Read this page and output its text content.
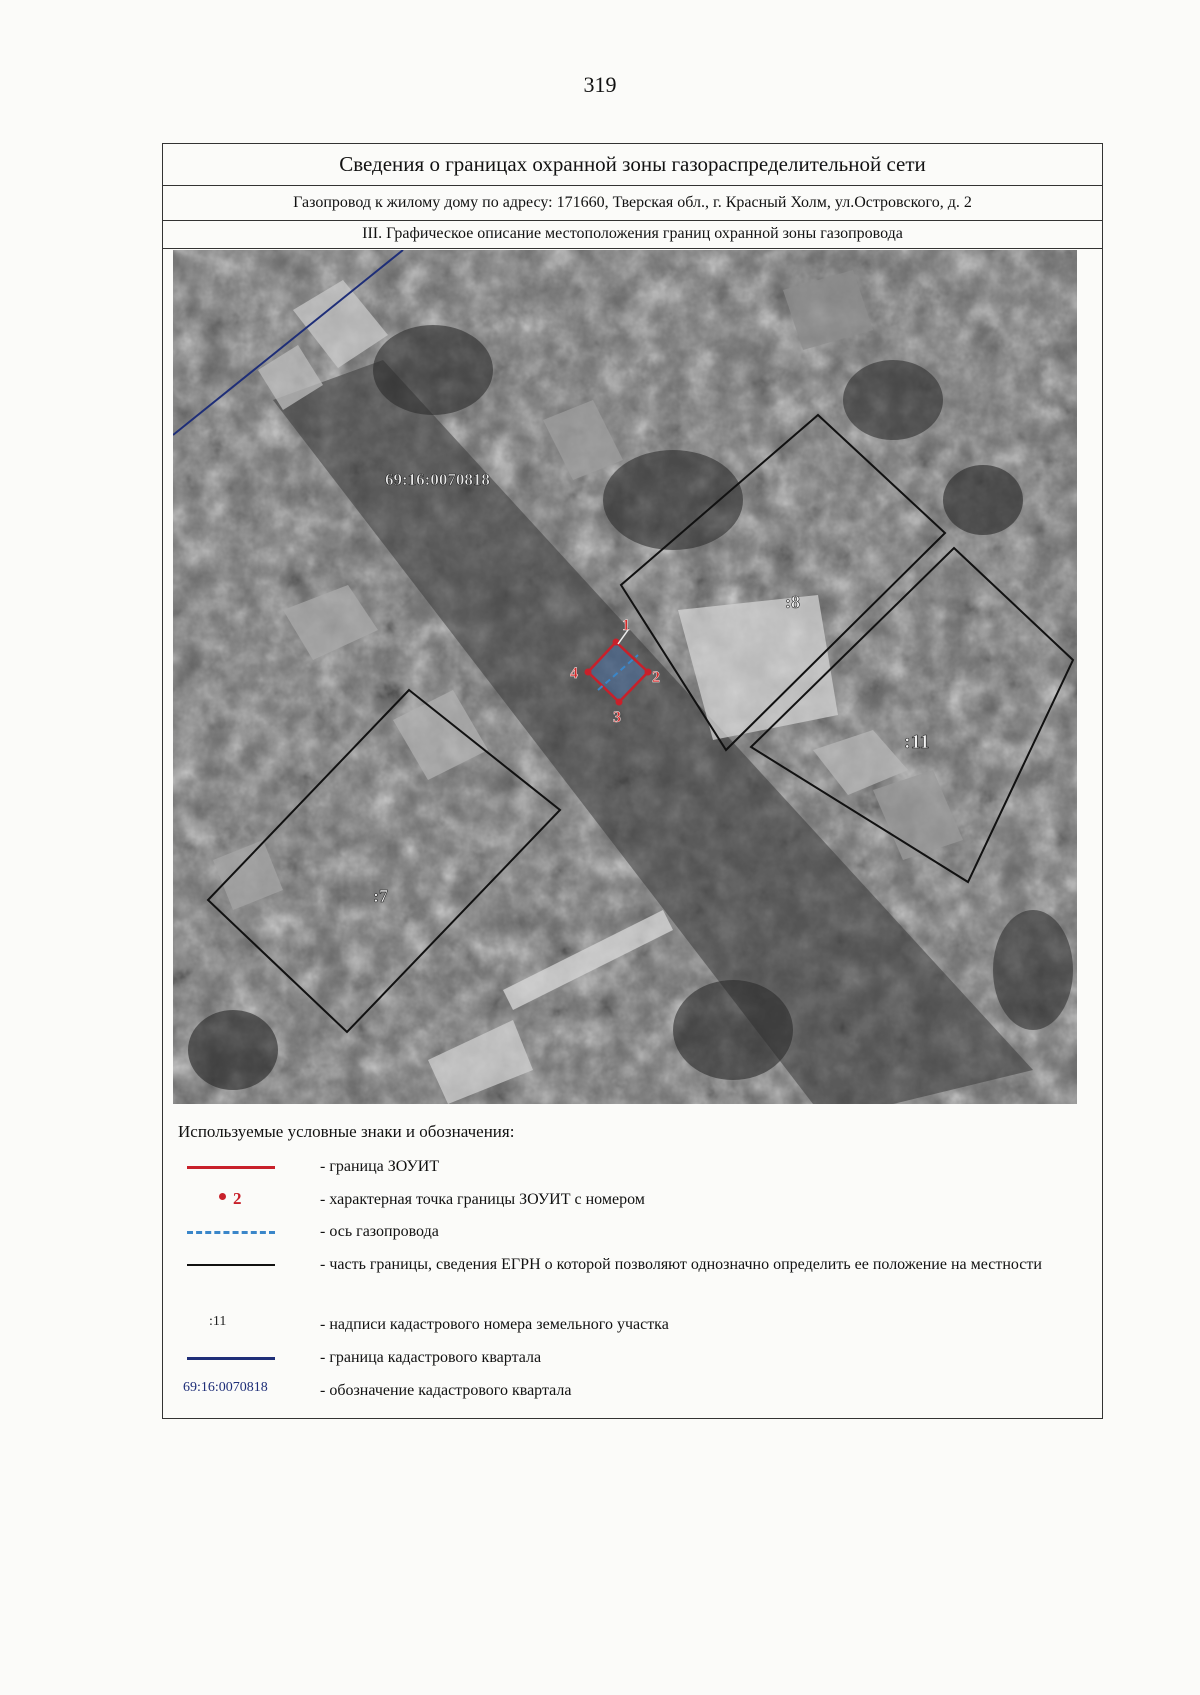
319
Сведения о границах охранной зоны газораспределительной сети
Газопровод к жилому дому по адресу: 171660, Тверская обл., г. Красный Холм, ул.Островского, д. 2
III. Графическое описание местоположения границ охранной зоны газопровода
69:16:0070818
:8
:11
:7
1
2
3
4
Используемые условные знаки и обозначения:
- граница ЗОУИТ
2	- характерная точка границы ЗОУИТ с номером
- ось газопровода
- часть границы, сведения ЕГРН о которой позволяют однозначно определить ее положение на местности
:11	- надписи кадастрового номера земельного участка
- граница кадастрового квартала
69:16:0070818	- обозначение кадастрового квартала
